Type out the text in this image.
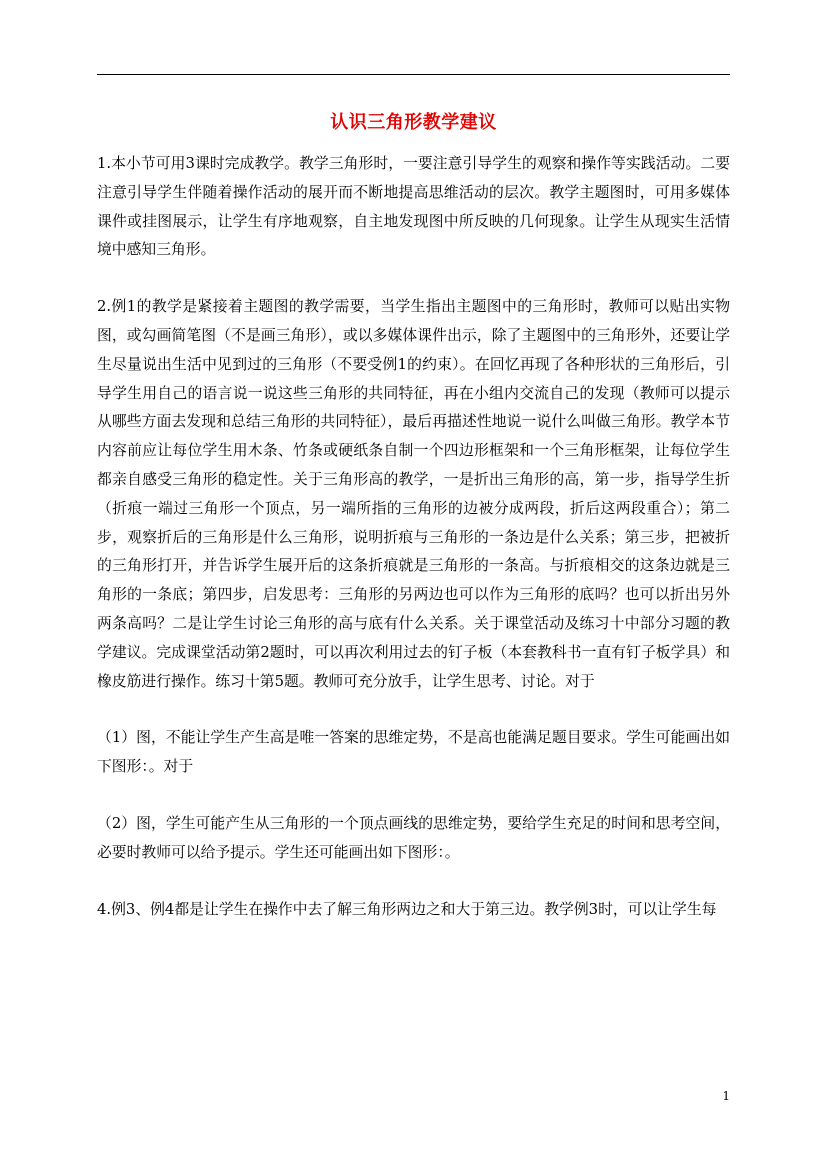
认识三角形教学建议

1.本小节可用3课时完成教学。教学三角形时，一要注意引导学生的观察和操作等实践活动。二要注意引导学生伴随着操作活动的展开而不断地提高思维活动的层次。教学主题图时，可用多媒体课件或挂图展示，让学生有序地观察，自主地发现图中所反映的几何现象。让学生从现实生活情境中感知三角形。

2.例1的教学是紧接着主题图的教学需要，当学生指出主题图中的三角形时，教师可以贴出实物图，或勾画简笔图（不是画三角形），或以多媒体课件出示，除了主题图中的三角形外，还要让学生尽量说出生活中见到过的三角形（不要受例1的约束）。在回忆再现了各种形状的三角形后，引导学生用自己的语言说一说这些三角形的共同特征，再在小组内交流自己的发现（教师可以提示从哪些方面去发现和总结三角形的共同特征），最后再描述性地说一说什么叫做三角形。教学本节内容前应让每位学生用木条、竹条或硬纸条自制一个四边形框架和一个三角形框架，让每位学生都亲自感受三角形的稳定性。关于三角形高的教学，一是折出三角形的高，第一步，指导学生折（折痕一端过三角形一个顶点，另一端所指的三角形的边被分成两段，折后这两段重合）；第二步，观察折后的三角形是什么三角形，说明折痕与三角形的一条边是什么关系；第三步，把被折的三角形打开，并告诉学生展开后的这条折痕就是三角形的一条高。与折痕相交的这条边就是三角形的一条底；第四步，启发思考：三角形的另两边也可以作为三角形的底吗？也可以折出另外两条高吗？二是让学生讨论三角形的高与底有什么关系。关于课堂活动及练习十中部分习题的教学建议。完成课堂活动第2题时，可以再次利用过去的钉子板（本套教科书一直有钉子板学具）和橡皮筋进行操作。练习十第5题。教师可充分放手，让学生思考、讨论。对于

（1）图，不能让学生产生高是唯一答案的思维定势，不是高也能满足题目要求。学生可能画出如下图形：。对于

（2）图，学生可能产生从三角形的一个顶点画线的思维定势，要给学生充足的时间和思考空间，必要时教师可以给予提示。学生还可能画出如下图形：。

4.例3、例4都是让学生在操作中去了解三角形两边之和大于第三边。教学例3时，可以让学生每

1
